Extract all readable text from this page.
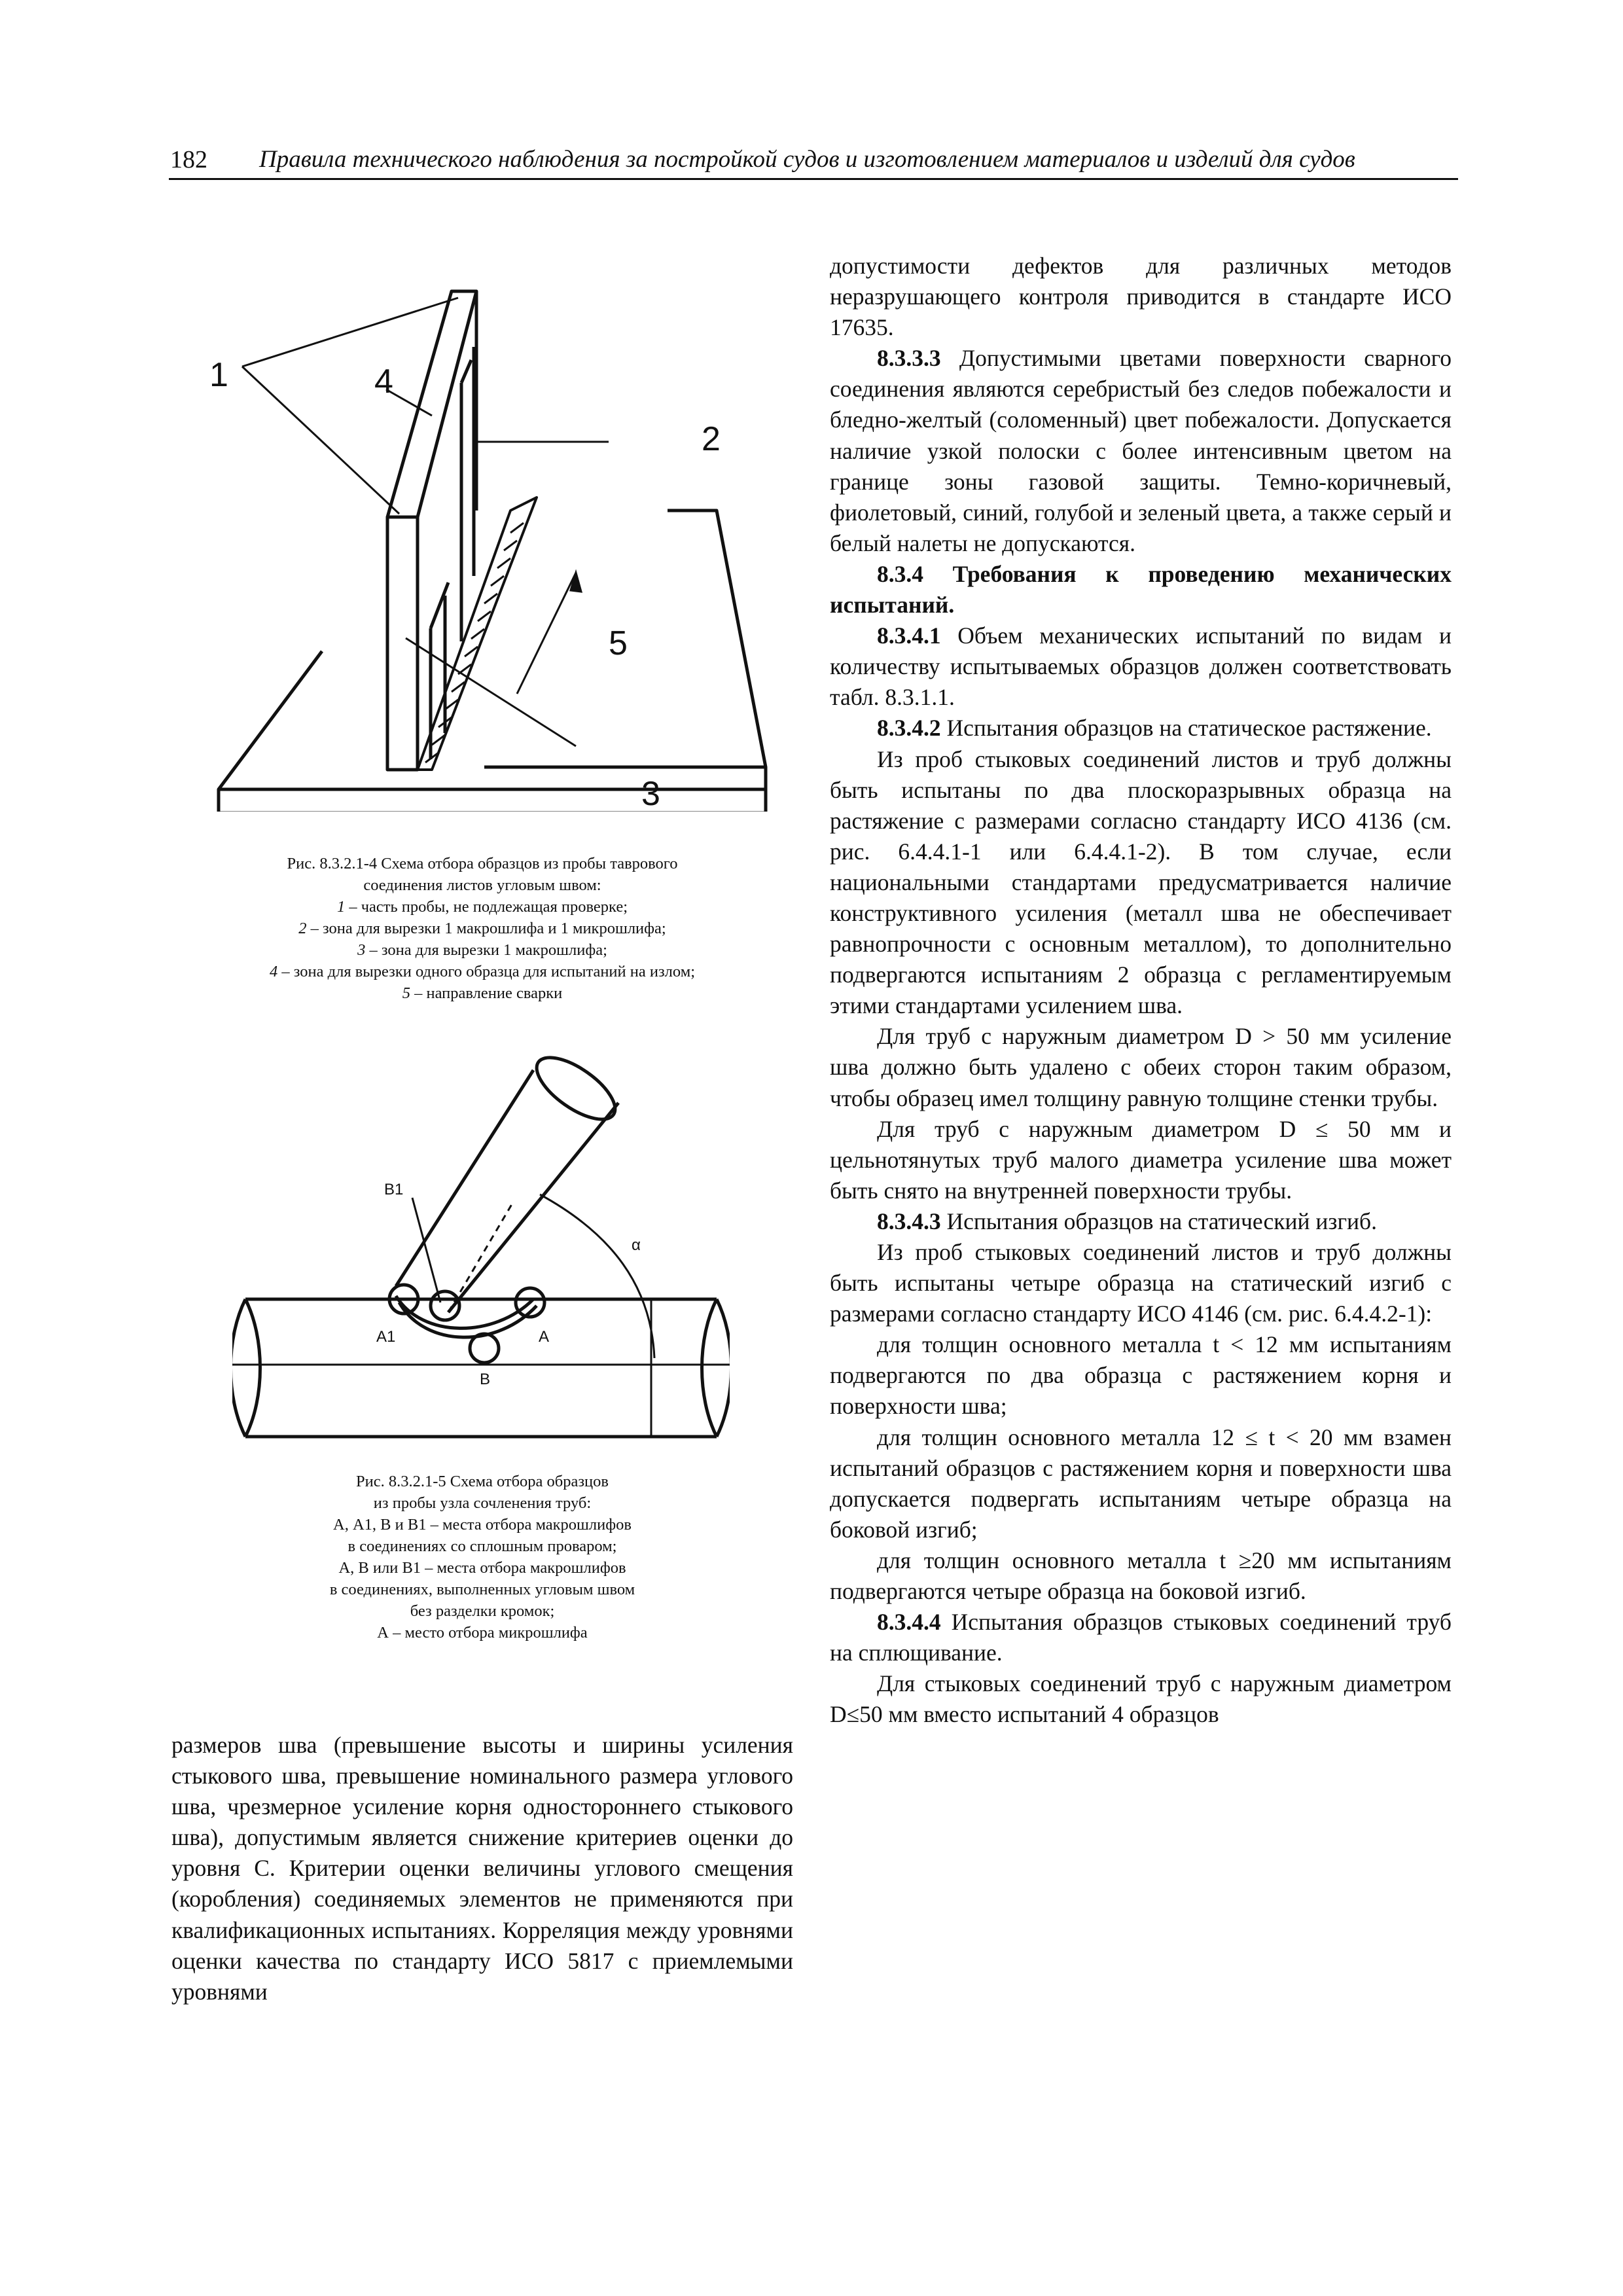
182 Правила технического наблюдения за постройкой судов и изготовлением материалов и изделий для судов
1
2
3
4
5
Рис. 8.3.2.1-4 Схема отбора образцов из пробы таврового
соединения листов угловым швом:
1 – часть пробы, не подлежащая проверке;
2 – зона для вырезки 1 макрошлифа и 1 микрошлифа;
3 – зона для вырезки 1 макрошлифа;
4 – зона для вырезки одного образца для испытаний на излом;
5 – направление сварки
B1
A1	A
B
α
Рис. 8.3.2.1-5 Схема отбора образцов
из пробы узла сочленения труб:
А, А1, В и В1 – места отбора макрошлифов
в соединениях со сплошным проваром;
А, В или В1 – места отбора макрошлифов
в соединениях, выполненных угловым швом
без разделки кромок;
А – место отбора микрошлифа

размеров шва (превышение высоты и ширины усиления стыкового шва, превышение номинального размера углового шва, чрезмерное усиление корня одностороннего стыкового шва), допустимым является снижение критериев оценки до уровня С. Критерии оценки величины углового смещения (коробления) соединяемых элементов не применяются при квалификационных испытаниях. Корреляция между уровнями оценки качества по стандарту ИСО 5817 с приемлемыми уровнями

допустимости дефектов для различных методов неразрушающего контроля приводится в стандарте ИСО 17635.

8.3.3.3 Допустимыми цветами поверхности сварного соединения являются серебристый без следов побежалости и бледно-желтый (соломенный) цвет побежалости. Допускается наличие узкой полоски с более интенсивным цветом на границе зоны газовой защиты. Темно-коричневый, фиолетовый, синий, голубой и зеленый цвета, а также серый и белый налеты не допускаются.

8.3.4 Требования к проведению механических испытаний.

8.3.4.1 Объем механических испытаний по видам и количеству испытываемых образцов должен соответствовать табл. 8.3.1.1.

8.3.4.2 Испытания образцов на статическое растяжение.

Из проб стыковых соединений листов и труб должны быть испытаны по два плоскоразрывных образца на растяжение с размерами согласно стандарту ИСО 4136 (см. рис. 6.4.4.1-1 или 6.4.4.1-2). В том случае, если национальными стандартами предусматривается наличие конструктивного усиления (металл шва не обеспечивает равнопрочности с основным металлом), то дополнительно подвергаются испытаниям 2 образца с регламентируемым этими стандартами усилением шва.

Для труб с наружным диаметром D > 50 мм усиление шва должно быть удалено с обеих сторон таким образом, чтобы образец имел толщину равную толщине стенки трубы.

Для труб с наружным диаметром D ≤ 50 мм и цельнотянутых труб малого диаметра усиление шва может быть снято на внутренней поверхности трубы.

8.3.4.3 Испытания образцов на статический изгиб.

Из проб стыковых соединений листов и труб должны быть испытаны четыре образца на статический изгиб с размерами согласно стандарту ИСО 4146 (см. рис. 6.4.4.2-1):

для толщин основного металла t < 12 мм испытаниям подвергаются по два образца с растяжением корня и поверхности шва;

для толщин основного металла 12 ≤ t < 20 мм взамен испытаний образцов с растяжением корня и поверхности шва допускается подвергать испытаниям четыре образца на боковой изгиб;

для толщин основного металла t ≥20 мм испытаниям подвергаются четыре образца на боковой изгиб.

8.3.4.4 Испытания образцов стыковых соединений труб на сплющивание.

Для стыковых соединений труб с наружным диаметром D≤50 мм вместо испытаний 4 образцов
